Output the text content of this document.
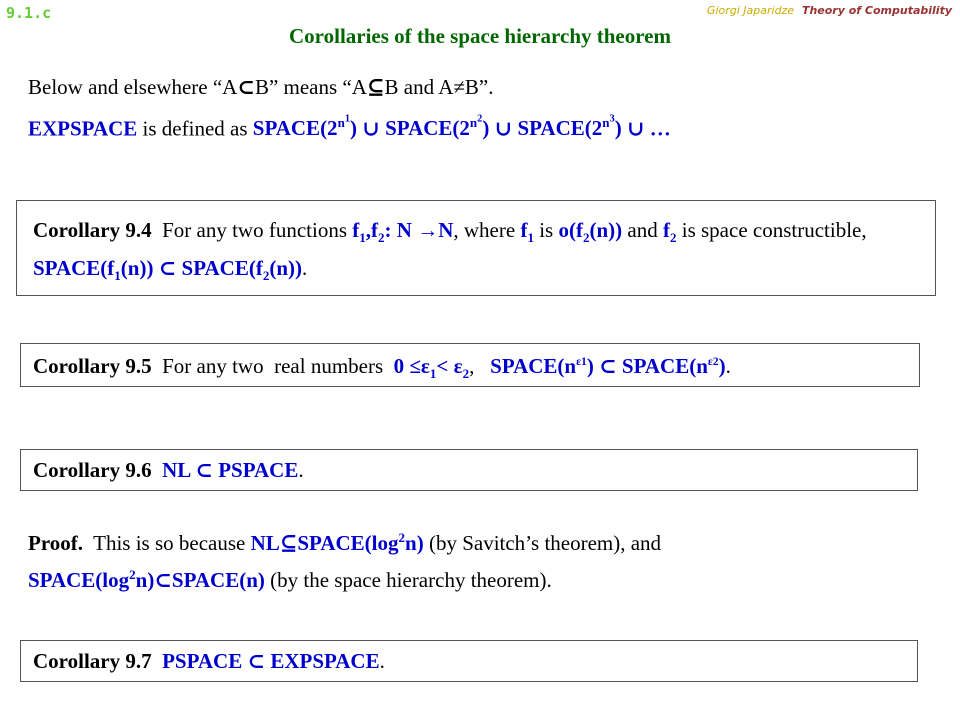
9.1.c	Giorgi Japaridze Theory of Computability
Corollaries of the space hierarchy theorem
Below and elsewhere “A⊂B” means “A⊆B and A≠B”.
EXPSPACE is defined as $SPACE(2^{n^1})$ ∪ $SPACE(2^{n^2})$ ∪ $SPACE(2^{n^3})$ ∪ …
Corollary 9.4  For any two functions $f_1,f_2$: N →N, where $f_1$ is $o(f_2(n))$ and $f_2$ is space constructible, $SPACE(f_1(n))$ ⊂ $SPACE(f_2(n))$.
Corollary 9.5  For any two  real numbers  $0 \le\varepsilon_1< \varepsilon_2$,   $SPACE(n^{\varepsilon 1})$ ⊂ $SPACE(n^{\varepsilon 2})$.
Corollary 9.6 NL ⊂ PSPACE.
Proof.  This is so because $NL⊆SPACE(\log^2n)$ (by Savitch’s theorem), and
$SPACE(\log^2n)\subset SPACE(n)$ (by the space hierarchy theorem).
Corollary 9.7 PSPACE ⊂ EXPSPACE.
